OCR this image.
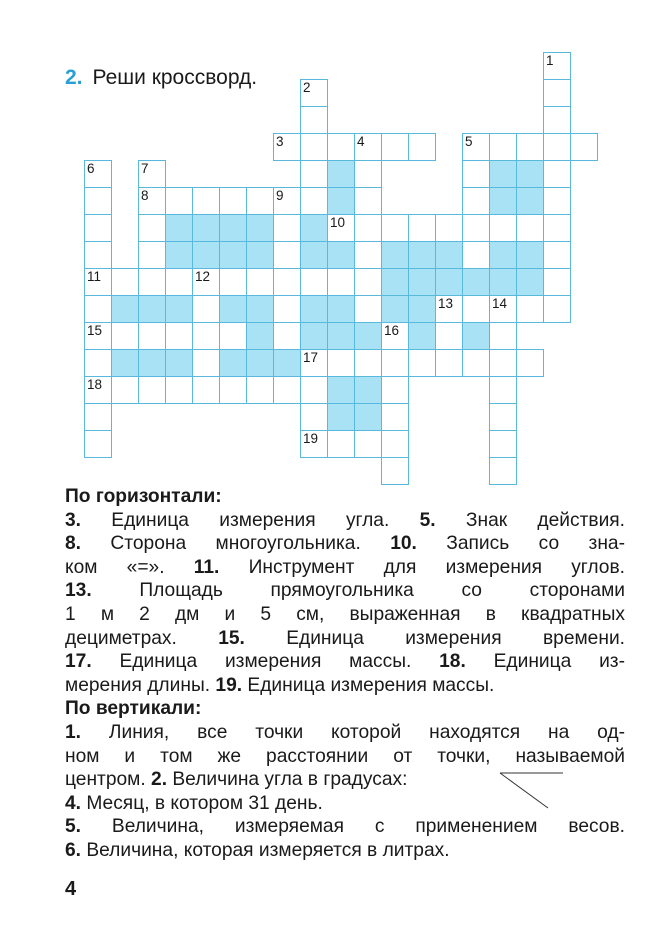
2. Реши кроссворд.
1
2
3	4	5
6	7
8	9
10
11	12
13	14
15	16
17
18
19
По горизонтали:
3. Единица измерения угла. 5. Знак действия.
8. Сторона многоугольника. 10. Запись со зна-
ком «=». 11. Инструмент для измерения углов.
13. Площадь прямоугольника со сторонами
1 м 2 дм и 5 см, выраженная в квадратных
дециметрах. 15. Единица измерения времени.
17. Единица измерения массы. 18. Единица из-
мерения длины. 19. Единица измерения массы.
По вертикали:
1. Линия, все точки которой находятся на од-
ном и том же расстоянии от точки, называемой
центром. 2. Величина угла в градусах:
4. Месяц, в котором 31 день.
5. Величина, измеряемая с применением весов.
6. Величина, которая измеряется в литрах.
4
